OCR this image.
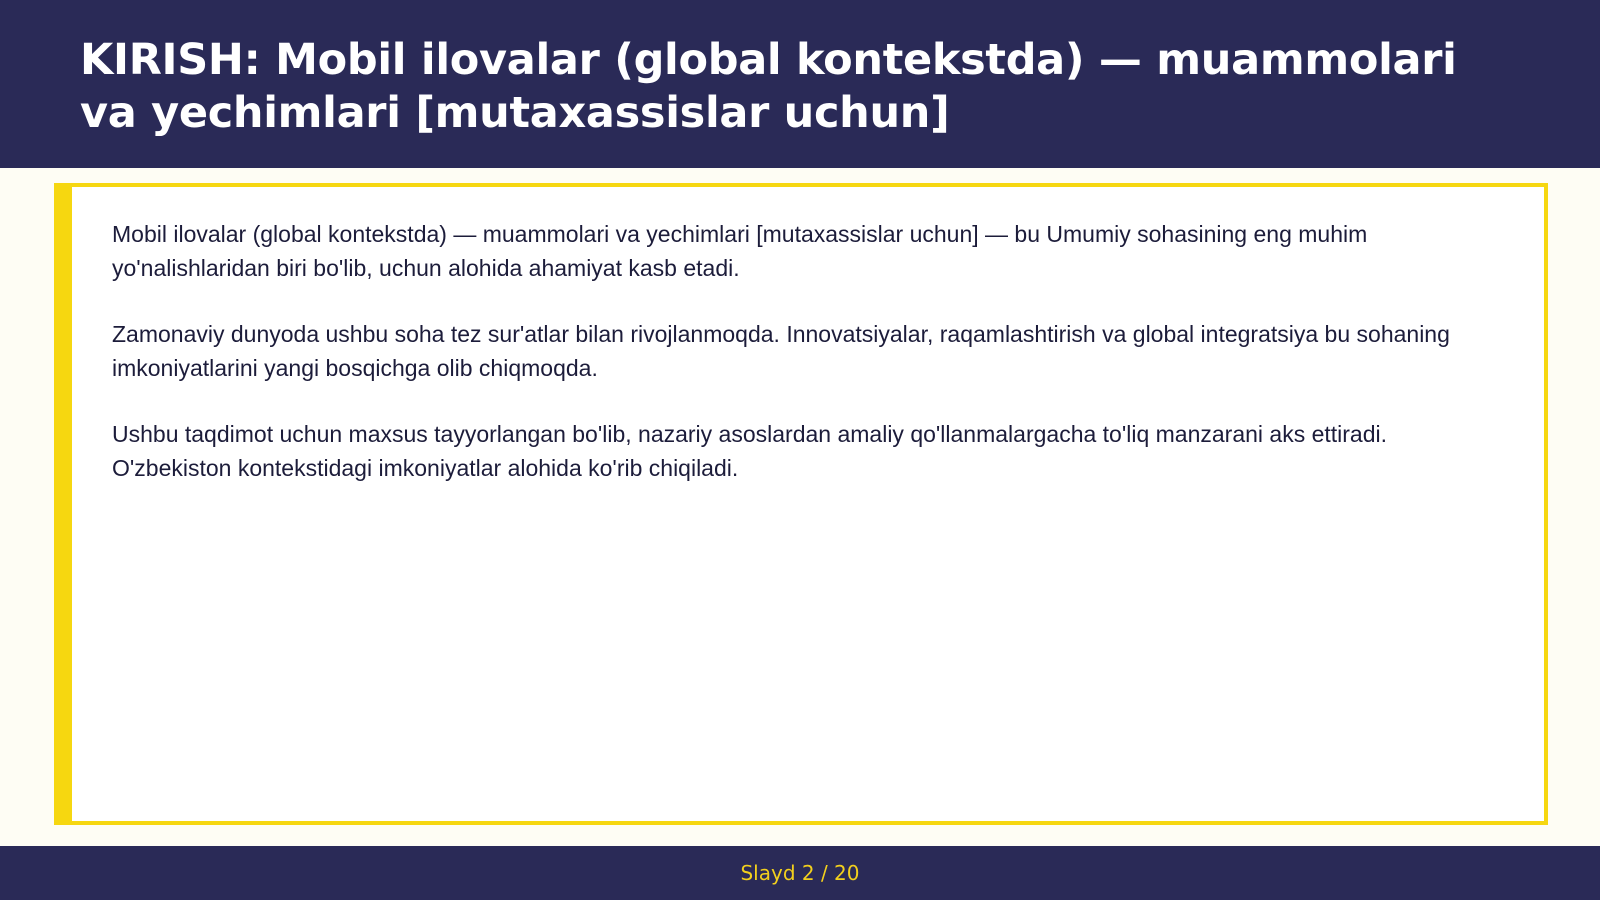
KIRISH: Mobil ilovalar (global kontekstda) — muammolari va yechimlari [mutaxassislar uchun]

Mobil ilovalar (global kontekstda) — muammolari va yechimlari [mutaxassislar uchun] — bu Umumiy sohasining eng muhim yo'nalishlaridan biri bo'lib, uchun alohida ahamiyat kasb etadi.

Zamonaviy dunyoda ushbu soha tez sur'atlar bilan rivojlanmoqda. Innovatsiyalar, raqamlashtirish va global integratsiya bu sohaning imkoniyatlarini yangi bosqichga olib chiqmoqda.

Ushbu taqdimot uchun maxsus tayyorlangan bo'lib, nazariy asoslardan amaliy qo'llanmalargacha to'liq manzarani aks ettiradi. O'zbekiston kontekstidagi imkoniyatlar alohida ko'rib chiqiladi.

Slayd 2 / 20
